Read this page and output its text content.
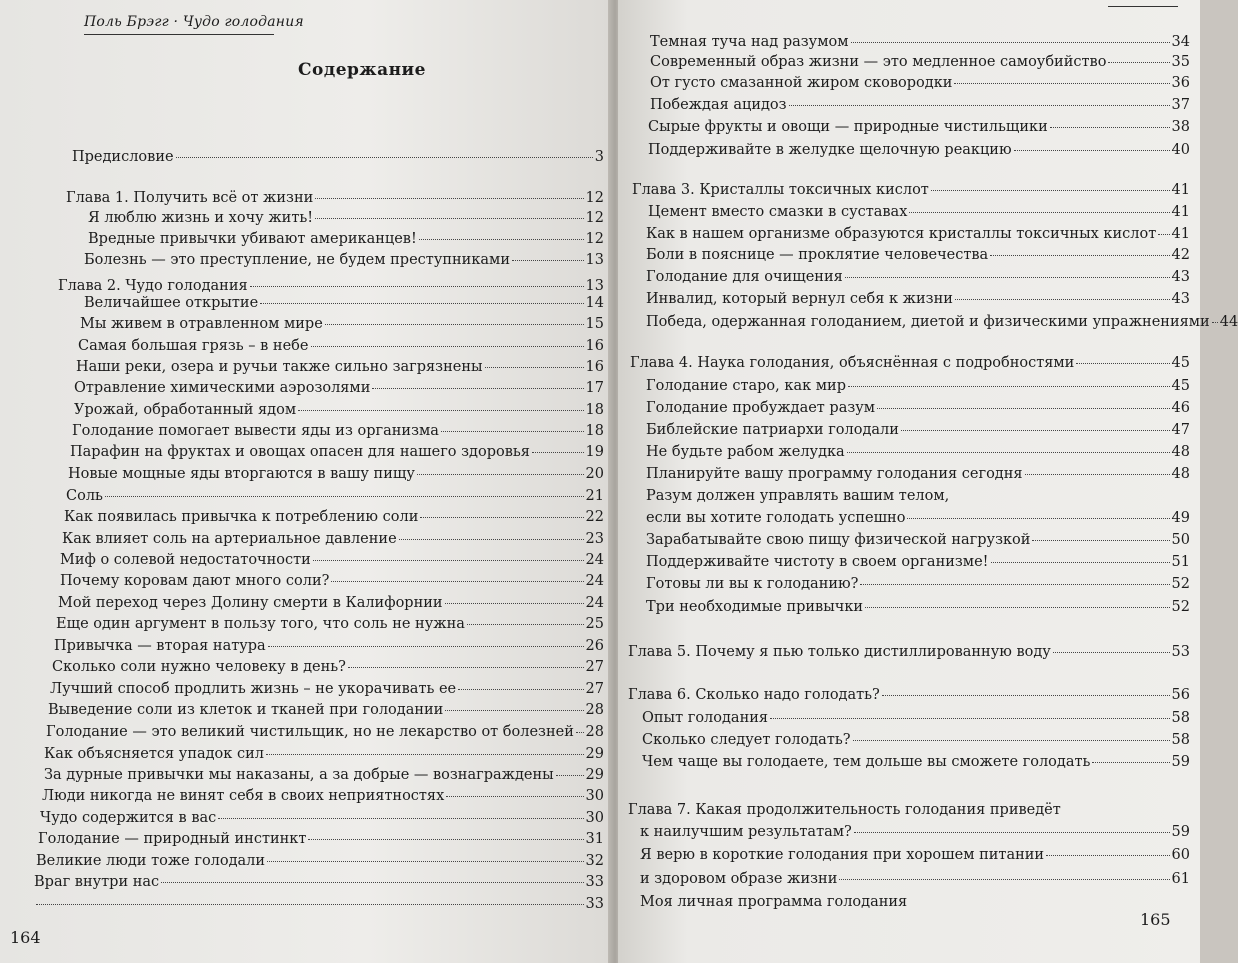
Поль Брэгг · Чудо голодания
Содержание
164
Предисловие	3
Глава 1. Получить всё от жизни	12
Я люблю жизнь и хочу жить!	12
Вредные привычки убивают американцев!	12
Болезнь — это преступление, не будем преступниками	13
Глава 2. Чудо голодания	13
Величайшее открытие	14
Мы живем в отравленном мире	15
Самая большая грязь – в небе	16
Наши реки, озера и ручьи также сильно загрязнены	16
Отравление химическими аэрозолями	17
Урожай, обработанный ядом	18
Голодание помогает вывести яды из организма	18
Парафин на фруктах и овощах опасен для нашего здоровья	19
Новые мощные яды вторгаются в вашу пищу	20
Соль	21
Как появилась привычка к потреблению соли	22
Как влияет соль на артериальное давление	23
Миф о солевой недостаточности	24
Почему коровам дают много соли?	24
Мой переход через Долину смерти в Калифорнии	24
Еще один аргумент в пользу того, что соль не нужна	25
Привычка — вторая натура	26
Сколько соли нужно человеку в день?	27
Лучший способ продлить жизнь – не укорачивать ее	27
Выведение соли из клеток и тканей при голодании	28
Голодание — это великий чистильщик, но не лекарство от болезней 28
Как объясняется упадок сил	29
За дурные привычки мы наказаны, а за добрые — вознаграждены 29
Люди никогда не винят себя в своих неприятностях	30
Чудо содержится в вас	30
Голодание — природный инстинкт	31
Великие люди тоже голодали	32
Враг внутри нас	33
33
Темная туча над разумом	34
Современный образ жизни — это медленное самоубийство	35
От густо смазанной жиром сковородки	36
Побеждая ацидоз	37
Сырые фрукты и овощи — природные чистильщики	38
Поддерживайте в желудке щелочную реакцию	40
Глава 3. Кристаллы токсичных кислот	41
Цемент вместо смазки в суставах	41
Как в нашем организме образуются кристаллы токсичных кислот 41
Боли в пояснице — проклятие человечества	42
Голодание для очищения	43
Инвалид, который вернул себя к жизни	43
Победа, одержанная голоданием, диетой и физическими упражнениями 44
Глава 4. Наука голодания, объяснённая с подробностями	45
Голодание старо, как мир	45
Голодание пробуждает разум	46
Библейские патриархи голодали	47
Не будьте рабом желудка	48
Планируйте вашу программу голодания сегодня	48
Разум должен управлять вашим телом,
если вы хотите голодать успешно	49
Зарабатывайте свою пищу физической нагрузкой	50
Поддерживайте чистоту в своем организме!	51
Готовы ли вы к голоданию?	52
Три необходимые привычки	52
Глава 5. Почему я пью только дистиллированную воду	53
Глава 6. Сколько надо голодать?	56
Опыт голодания	58
Сколько следует голодать?	58
Чем чаще вы голодаете, тем дольше вы сможете голодать	59
Глава 7. Какая продолжительность голодания приведёт
к наилучшим результатам?	59
Я верю в короткие голодания при хорошем питании	60
и здоровом образе жизни	61
Моя личная программа голодания
165
